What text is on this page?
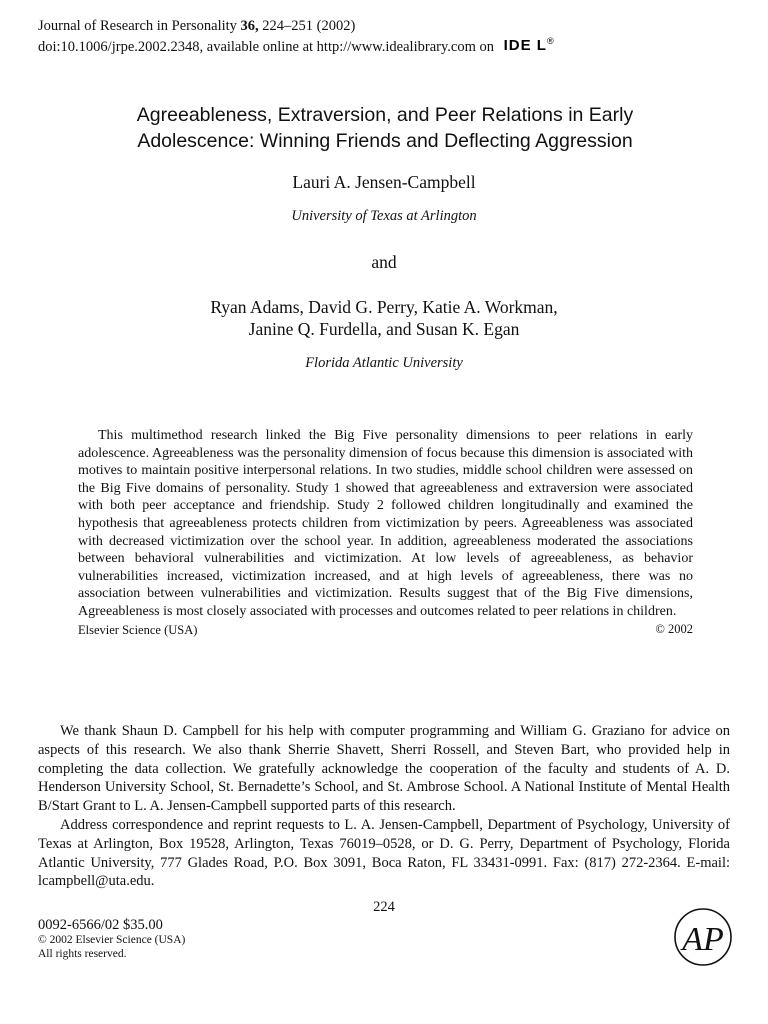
Journal of Research in Personality 36, 224–251 (2002)
doi:10.1006/jrpe.2002.2348, available online at http://www.idealibrary.com on IDE L®
Agreeableness, Extraversion, and Peer Relations in Early
Adolescence: Winning Friends and Deflecting Aggression
Lauri A. Jensen-Campbell
University of Texas at Arlington
and
Ryan Adams, David G. Perry, Katie A. Workman,
Janine Q. Furdella, and Susan K. Egan
Florida Atlantic University
This multimethod research linked the Big Five personality dimensions to peer relations in early adolescence. Agreeableness was the personality dimension of focus because this dimension is associated with motives to maintain positive interpersonal relations. In two studies, middle school children were assessed on the Big Five domains of personality. Study 1 showed that agreeableness and extraversion were associated with both peer acceptance and friendship. Study 2 followed children longitudinally and examined the hypothesis that agreeableness protects children from victimization by peers. Agreeableness was associated with decreased victimization over the school year. In addition, agreeableness moderated the associations between behavioral vulnerabilities and victimization. At low levels of agreeableness, as behavior vulnerabilities increased, victimization increased, and at high levels of agreeableness, there was no association between vulnerabilities and victimization. Results suggest that of the Big Five dimensions, Agreeableness is most closely associated with processes and outcomes related to peer relations in children.
© 2002
Elsevier Science (USA)

We thank Shaun D. Campbell for his help with computer programming and William G. Graziano for advice on aspects of this research. We also thank Sherrie Shavett, Sherri Rossell, and Steven Bart, who provided help in completing the data collection. We gratefully acknowledge the cooperation of the faculty and students of A. D. Henderson University School, St. Bernadette’s School, and St. Ambrose School. A National Institute of Mental Health B/Start Grant to L. A. Jensen-Campbell supported parts of this research.

Address correspondence and reprint requests to L. A. Jensen-Campbell, Department of Psychology, University of Texas at Arlington, Box 19528, Arlington, Texas 76019–0528, or D. G. Perry, Department of Psychology, Florida Atlantic University, 777 Glades Road, P.O. Box 3091, Boca Raton, FL 33431-0991. Fax: (817) 272-2364. E-mail: lcampbell@uta.edu.

224
0092-6566/02 $35.00
© 2002 Elsevier Science (USA)
All rights reserved.	AP
